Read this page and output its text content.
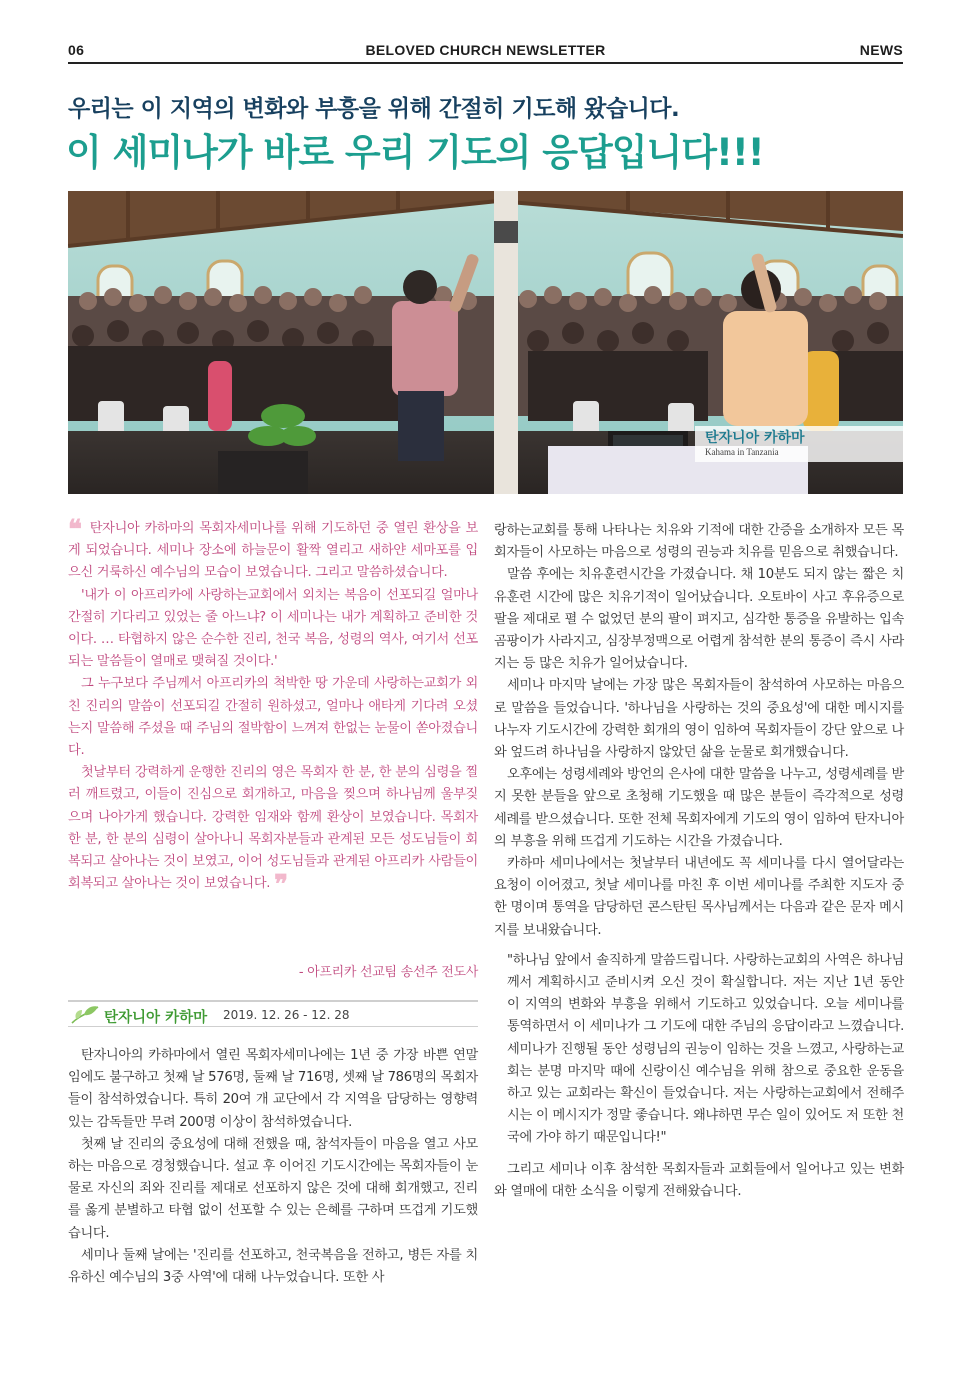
06	BELOVED CHURCH NEWSLETTER	NEWS
우리는 이 지역의 변화와 부흥을 위해 간절히 기도해 왔습니다.
이 세미나가 바로 우리 기도의 응답입니다!!!
탄자니아 카하마
Kahama in Tanzania

❝ 탄자니아 카하마의 목회자세미나를 위해 기도하던 중 열린 환상을 보게 되었습니다. 세미나 장소에 하늘문이 활짝 열리고 새하얀 세마포를 입으신 거룩하신 예수님의 모습이 보였습니다. 그리고 말씀하셨습니다.

'내가 이 아프리카에 사랑하는교회에서 외치는 복음이 선포되길 얼마나 간절히 기다리고 있었는 줄 아느냐? 이 세미나는 내가 계획하고 준비한 것이다. … 타협하지 않은 순수한 진리, 천국 복음, 성령의 역사, 여기서 선포되는 말씀들이 열매로 맺혀질 것이다.'

그 누구보다 주님께서 아프리카의 척박한 땅 가운데 사랑하는교회가 외친 진리의 말씀이 선포되길 간절히 원하셨고, 얼마나 애타게 기다려 오셨는지 말씀해 주셨을 때 주님의 절박함이 느껴져 한없는 눈물이 쏟아졌습니다.

첫날부터 강력하게 운행한 진리의 영은 목회자 한 분, 한 분의 심령을 찔러 깨트렸고, 이들이 진심으로 회개하고, 마음을 찢으며 하나님께 울부짖으며 나아가게 했습니다. 강력한 임재와 함께 환상이 보였습니다. 목회자 한 분, 한 분의 심령이 살아나니 목회자분들과 관계된 모든 성도님들이 회복되고 살아나는 것이 보였고, 이어 성도님들과 관계된 아프리카 사람들이 회복되고 살아나는 것이 보였습니다. ❞

- 아프리카 선교팀 송선주 전도사
탄자니아 카하마 2019. 12. 26 - 12. 28

탄자니아의 카하마에서 열린 목회자세미나에는 1년 중 가장 바쁜 연말임에도 불구하고 첫째 날 576명, 둘째 날 716명, 셋째 날 786명의 목회자들이 참석하였습니다. 특히 20여 개 교단에서 각 지역을 담당하는 영향력 있는 감독들만 무려 200명 이상이 참석하였습니다.

첫째 날 진리의 중요성에 대해 전했을 때, 참석자들이 마음을 열고 사모하는 마음으로 경청했습니다. 설교 후 이어진 기도시간에는 목회자들이 눈물로 자신의 죄와 진리를 제대로 선포하지 않은 것에 대해 회개했고, 진리를 옳게 분별하고 타협 없이 선포할 수 있는 은혜를 구하며 뜨겁게 기도했습니다.

세미나 둘째 날에는 '진리를 선포하고, 천국복음을 전하고, 병든 자를 치유하신 예수님의 3중 사역'에 대해 나누었습니다. 또한 사

랑하는교회를 통해 나타나는 치유와 기적에 대한 간증을 소개하자 모든 목회자들이 사모하는 마음으로 성령의 권능과 치유를 믿음으로 취했습니다.

말씀 후에는 치유훈련시간을 가졌습니다. 채 10분도 되지 않는 짧은 치유훈련 시간에 많은 치유기적이 일어났습니다. 오토바이 사고 후유증으로 팔을 제대로 펼 수 없었던 분의 팔이 펴지고, 심각한 통증을 유발하는 입속 곰팡이가 사라지고, 심장부정맥으로 어렵게 참석한 분의 통증이 즉시 사라지는 등 많은 치유가 일어났습니다.

세미나 마지막 날에는 가장 많은 목회자들이 참석하여 사모하는 마음으로 말씀을 들었습니다. '하나님을 사랑하는 것의 중요성'에 대한 메시지를 나누자 기도시간에 강력한 회개의 영이 임하여 목회자들이 강단 앞으로 나와 엎드려 하나님을 사랑하지 않았던 삶을 눈물로 회개했습니다.

오후에는 성령세례와 방언의 은사에 대한 말씀을 나누고, 성령세례를 받지 못한 분들을 앞으로 초청해 기도했을 때 많은 분들이 즉각적으로 성령세례를 받으셨습니다. 또한 전체 목회자에게 기도의 영이 임하여 탄자니아의 부흥을 위해 뜨겁게 기도하는 시간을 가졌습니다.

카하마 세미나에서는 첫날부터 내년에도 꼭 세미나를 다시 열어달라는 요청이 이어졌고, 첫날 세미나를 마친 후 이번 세미나를 주최한 지도자 중 한 명이며 통역을 담당하던 콘스탄틴 목사님께서는 다음과 같은 문자 메시지를 보내왔습니다.

"하나님 앞에서 솔직하게 말씀드립니다. 사랑하는교회의 사역은 하나님께서 계획하시고 준비시켜 오신 것이 확실합니다. 저는 지난 1년 동안 이 지역의 변화와 부흥을 위해서 기도하고 있었습니다. 오늘 세미나를 통역하면서 이 세미나가 그 기도에 대한 주님의 응답이라고 느꼈습니다. 세미나가 진행될 동안 성령님의 권능이 임하는 것을 느꼈고, 사랑하는교회는 분명 마지막 때에 신랑이신 예수님을 위해 참으로 중요한 운동을 하고 있는 교회라는 확신이 들었습니다. 저는 사랑하는교회에서 전해주시는 이 메시지가 정말 좋습니다. 왜냐하면 무슨 일이 있어도 저 또한 천국에 가야 하기 때문입니다!"

그리고 세미나 이후 참석한 목회자들과 교회들에서 일어나고 있는 변화와 열매에 대한 소식을 이렇게 전해왔습니다.
